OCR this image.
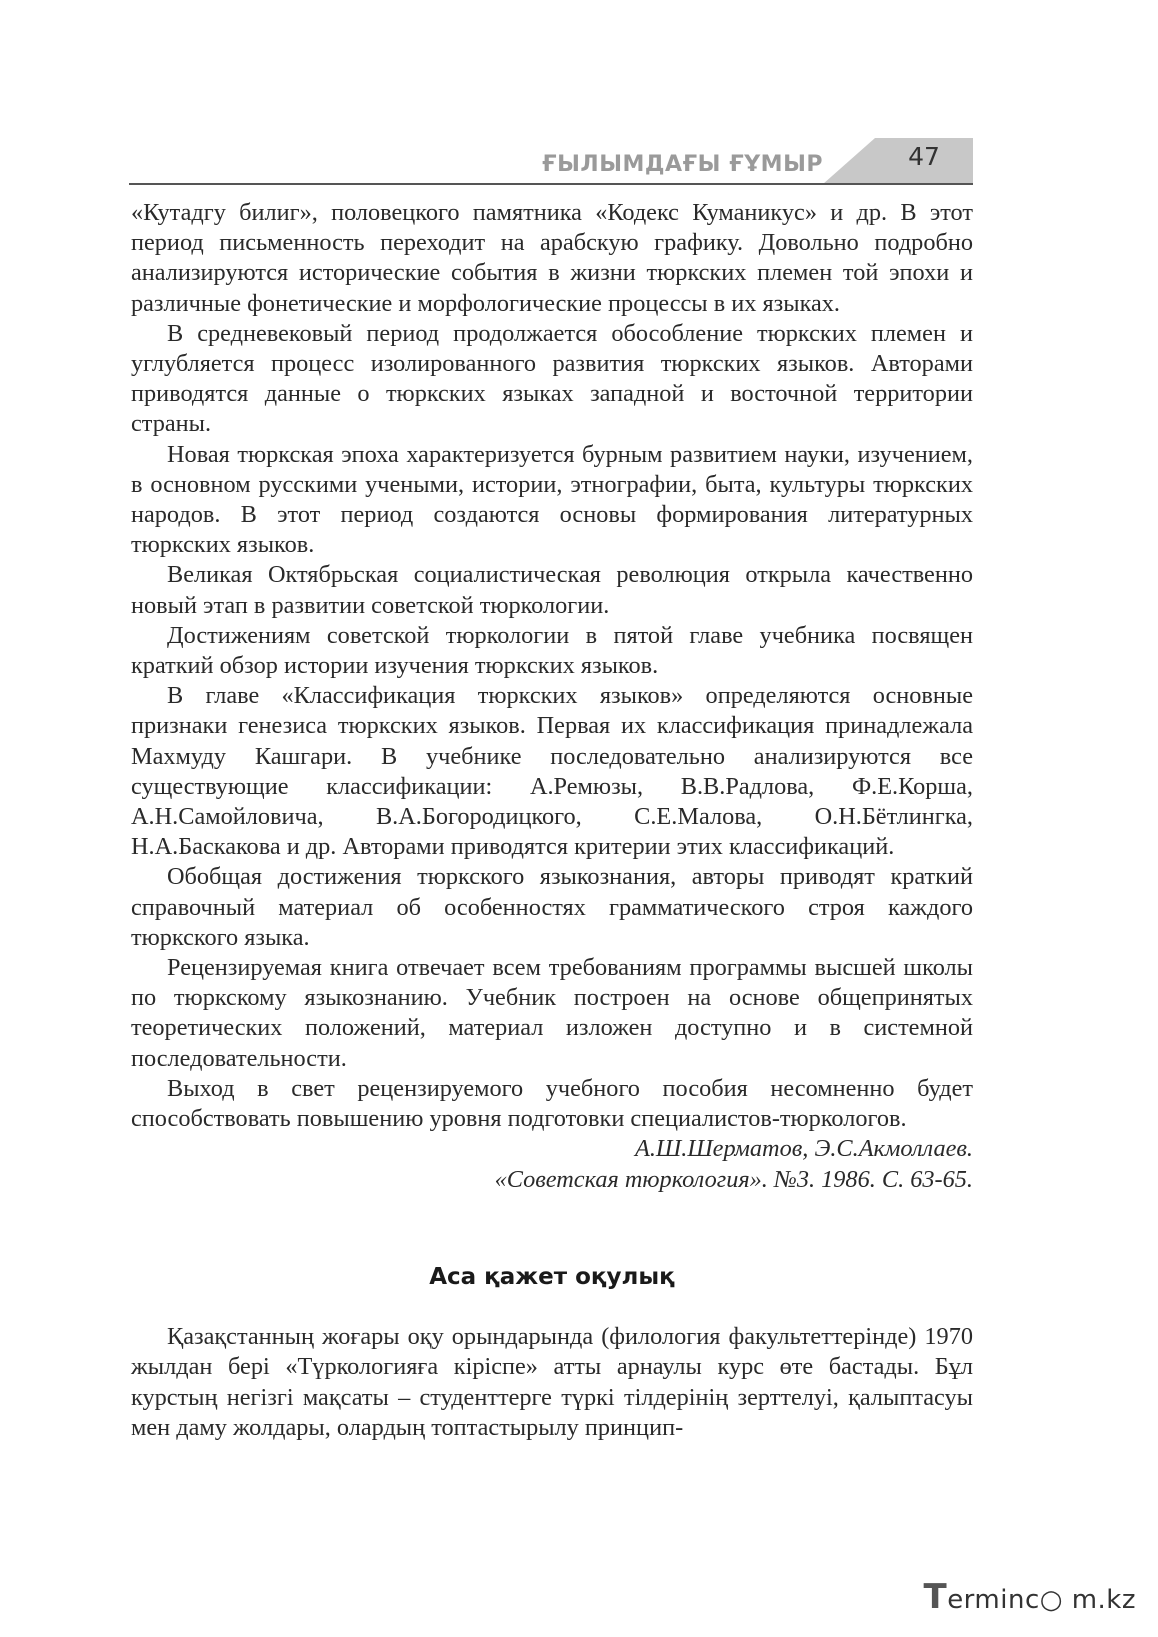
ҒЫЛЫМДАҒЫ ҒҰМЫР	47

«Кутадгу билиг», половецкого памятника «Кодекс Куманикус» и др. В этот период письменность переходит на арабскую графику. Довольно подробно анализируются исторические события в жизни тюркских племен той эпохи и различные фонетические и морфологические процессы в их языках.

В средневековый период продолжается обособление тюркских племен и углубляется процесс изолированного развития тюркских языков. Авторами приводятся данные о тюркских языках западной и восточной территории страны.

Новая тюркская эпоха характеризуется бурным развитием науки, изучением, в основном русскими учеными, истории, этнографии, быта, культуры тюркских народов. В этот период создаются основы формирования литературных тюркских языков.

Великая Октябрьская социалистическая революция открыла качественно новый этап в развитии советской тюркологии.

Достижениям советской тюркологии в пятой главе учебника посвящен краткий обзор истории изучения тюркских языков.

В главе «Классификация тюркских языков» определяются основные признаки генезиса тюркских языков. Первая их классификация принадлежала Махмуду Кашгари. В учебнике последовательно анализируются все существующие классификации: А.Ремюзы, В.В.Радлова, Ф.Е.Корша, А.Н.Самойловича, В.А.Богородицкого, С.Е.Малова, О.Н.Бётлингка, Н.А.Баскакова и др. Авторами приводятся критерии этих классификаций.

Обобщая достижения тюркского языкознания, авторы приводят краткий справочный материал об особенностях грамматического строя каждого тюркского языка.

Рецензируемая книга отвечает всем требованиям программы высшей школы по тюркскому языкознанию. Учебник построен на основе общепринятых теоретических положений, материал изложен доступно и в системной последовательности.

Выход в свет рецензируемого учебного пособия несомненно будет способствовать повышению уровня подготовки специалистов-тюркологов.

А.Ш.Шерматов, Э.С.Акмоллаев.

«Советская тюркология». №3. 1986. С. 63-65.

Аса қажет оқулық

Қазақстанның жоғары оқу орындарында (филология факультеттерінде) 1970 жылдан бері «Түркологияға кіріспе» атты арнаулы курс өте бастады. Бұл курстың негізгі мақсаты – студенттерге түркі тілдерінің зерттелуі, қалыптасуы мен даму жолдары, олардың топтастырылу принцип-

Terminc○ m.kz
